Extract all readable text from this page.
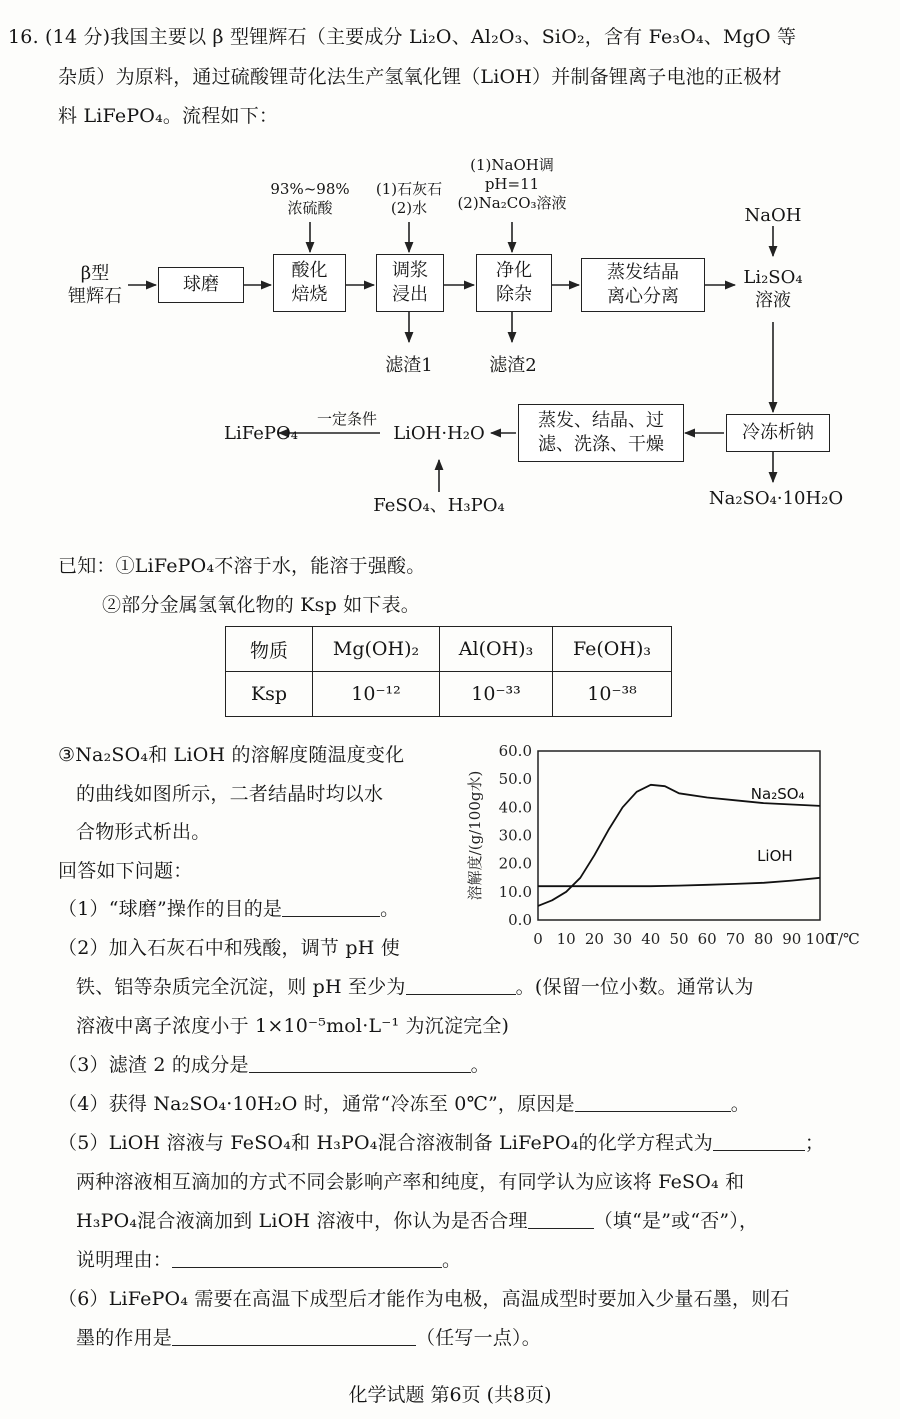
16. (14 分)我国主要以 β 型锂辉石（主要成分 Li₂O、Al₂O₃、SiO₂，含有 Fe₃O₄、MgO 等
杂质）为原料，通过硫酸锂苛化法生产氢氧化锂（LiOH）并制备锂离子电池的正极材
料 LiFePO₄。流程如下：
β型
锂辉石
球磨
93%~98%
浓硫酸
酸化
焙烧
(1)石灰石
(2)水
调浆
浸出
滤渣1
(1)NaOH调
pH=11
(2)Na₂CO₃溶液
净化
除杂
滤渣2
蒸发结晶
离心分离
NaOH
Li₂SO₄
溶液
冷冻析钠
Na₂SO₄·10H₂O
蒸发、结晶、过
滤、洗涤、干燥
LiOH·H₂O
一定条件
LiFePO₄
FeSO₄、H₃PO₄
已知：①LiFePO₄不溶于水，能溶于强酸。
②部分金属氢氧化物的 Ksp 如下表。
物质	Mg(OH)₂	Al(OH)₃	Fe(OH)₃
Ksp	10⁻¹²	10⁻³³	10⁻³⁸
③Na₂SO₄和 LiOH 的溶解度随温度变化
的曲线如图所示，二者结晶时均以水
合物形式析出。
0.0
10.0
20.0
30.0
40.0
50.0
60.0
0 10 20 30 40 50 60 70 80 90 100
T/℃
溶解度/(g/100g水)	Na₂SO₄
LiOH
回答如下问题：
（1）“球磨”操作的目的是	。
（2）加入石灰石中和残酸，调节 pH 使
铁、铝等杂质完全沉淀，则 pH 至少为	。(保留一位小数。通常认为
溶液中离子浓度小于 1×10⁻⁵mol·L⁻¹ 为沉淀完全)
（3）滤渣 2 的成分是	。
（4）获得 Na₂SO₄·10H₂O 时，通常“冷冻至 0℃”，原因是	。
（5）LiOH 溶液与 FeSO₄和 H₃PO₄混合溶液制备 LiFePO₄的化学方程式为	；
两种溶液相互滴加的方式不同会影响产率和纯度，有同学认为应该将 FeSO₄ 和
H₃PO₄混合液滴加到 LiOH 溶液中，你认为是否合理	（填“是”或“否”），
说明理由：	。
（6）LiFePO₄ 需要在高温下成型后才能作为电极，高温成型时要加入少量石墨，则石
墨的作用是	（任写一点）。
化学试题 第6页 (共8页)
